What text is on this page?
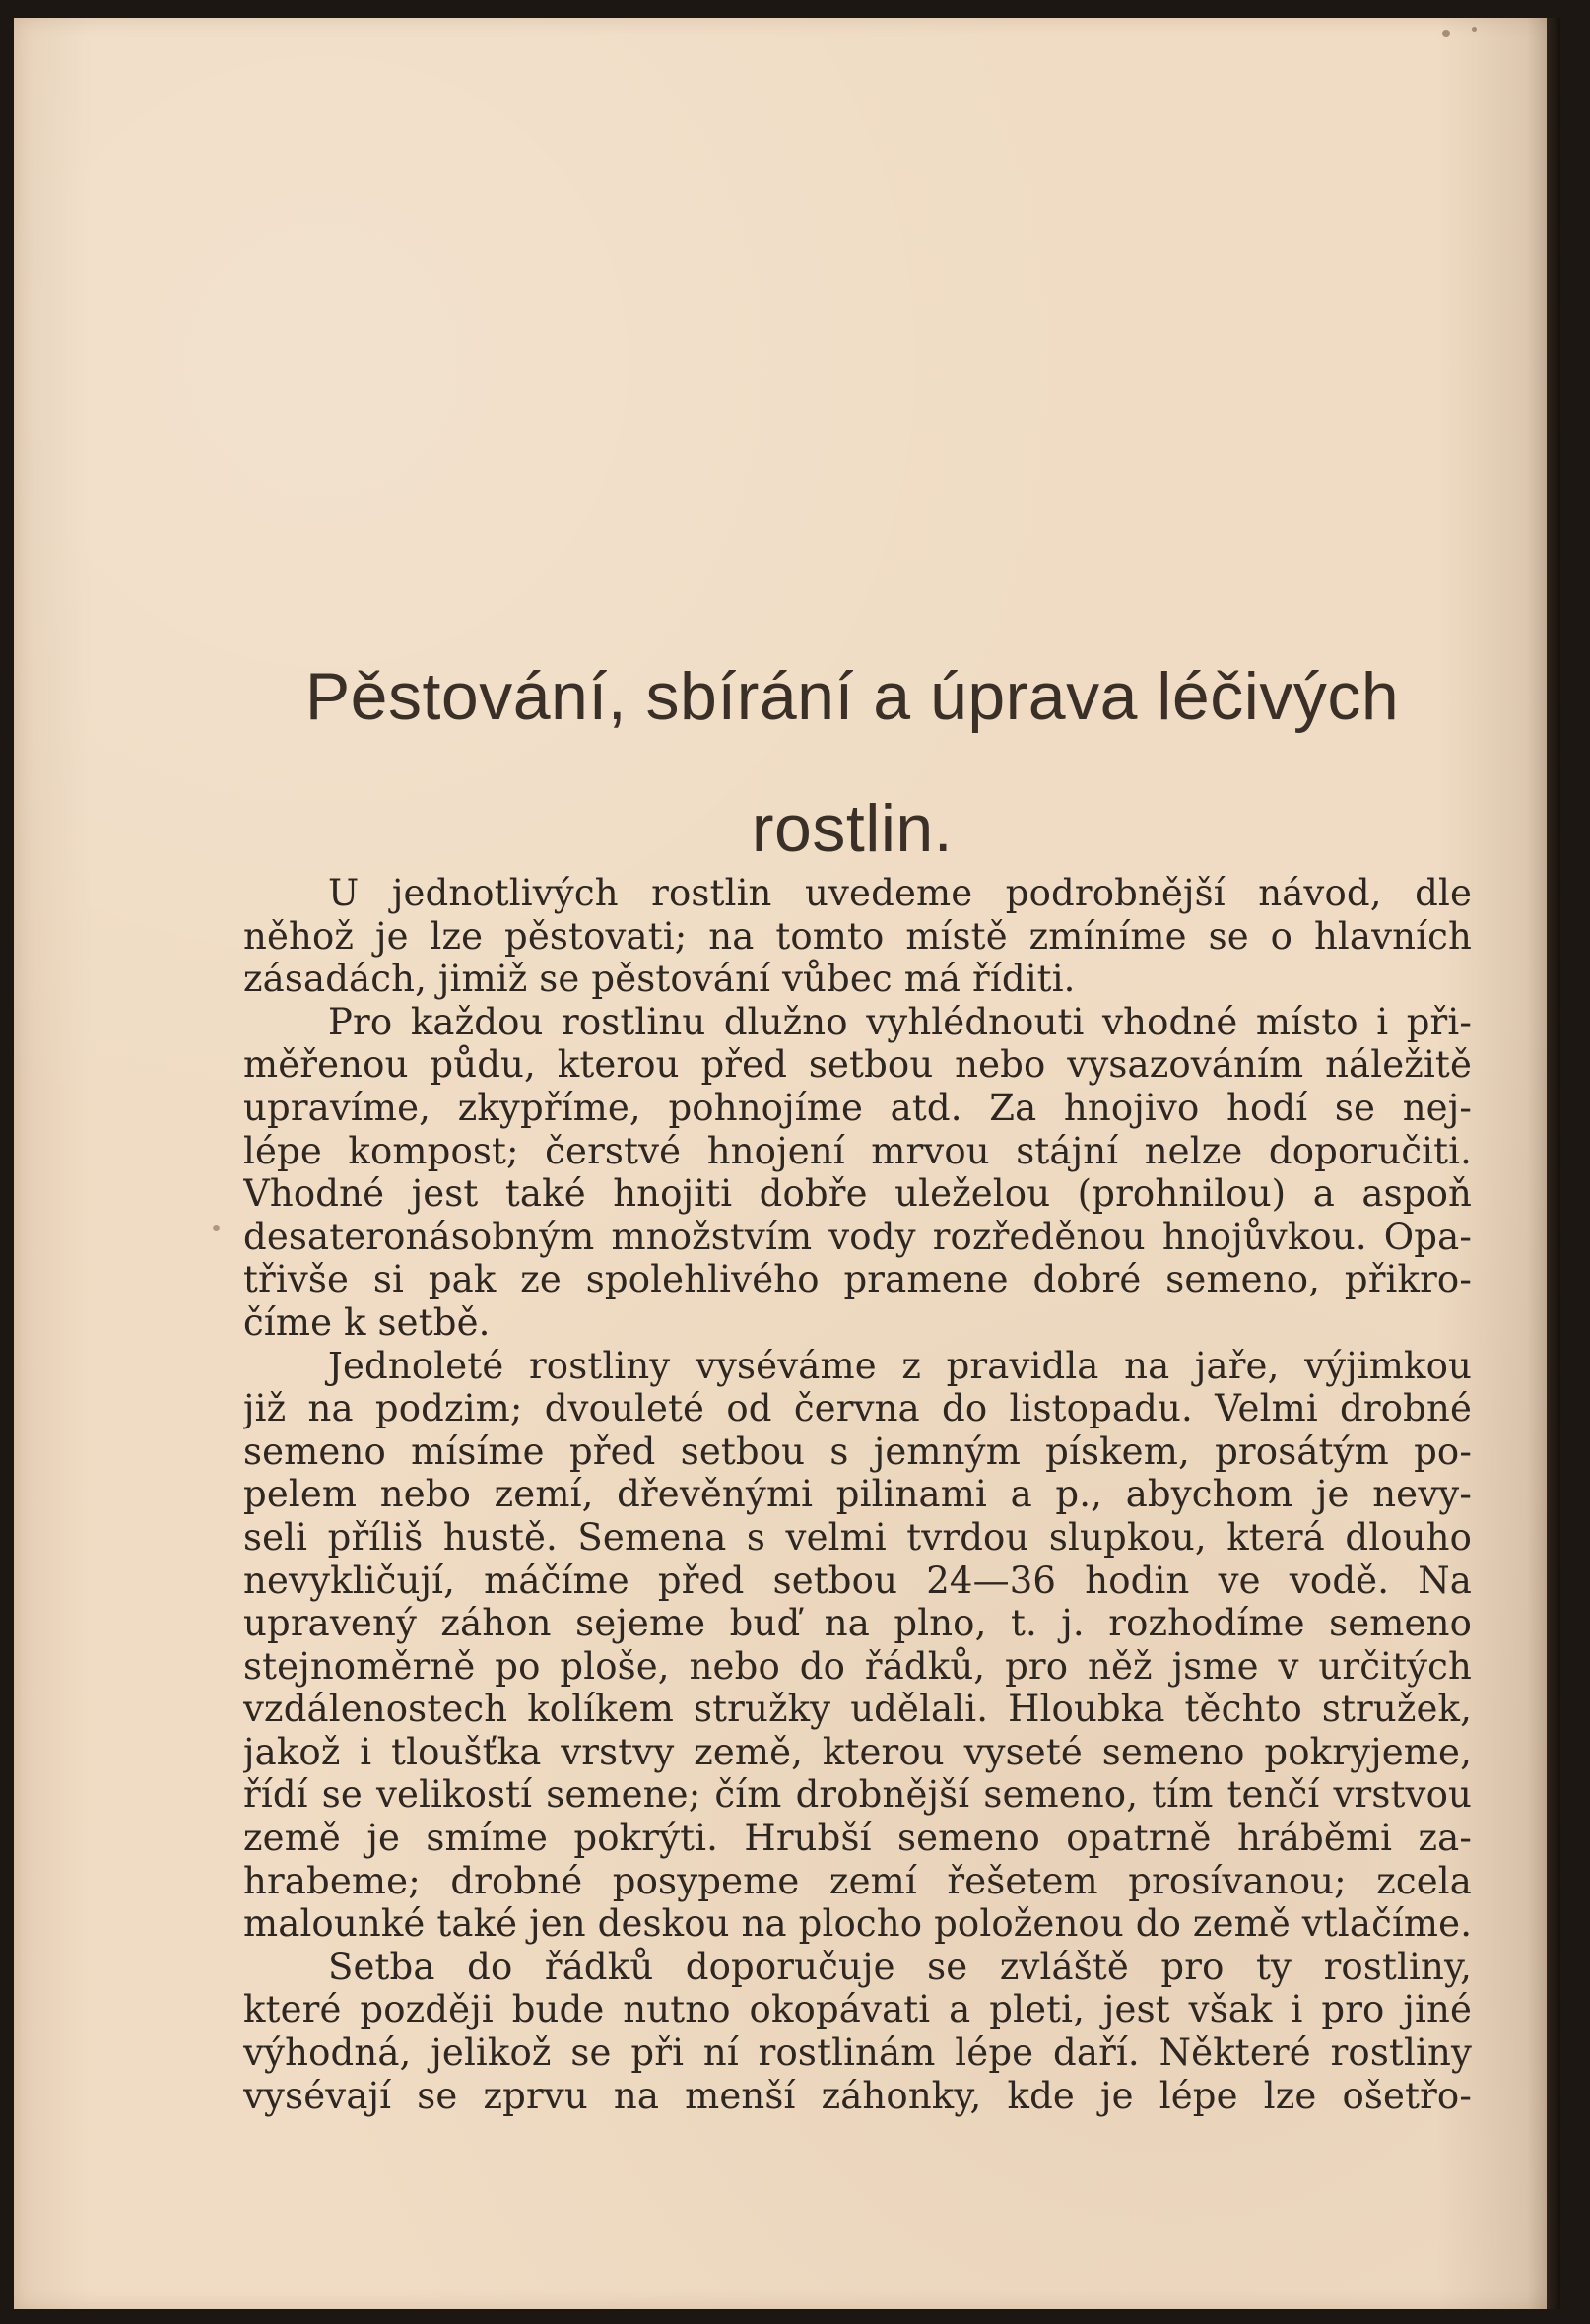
Pěstování, sbírání a úprava léčivých
rostlin.
U jednotlivých rostlin uvedeme podrobnější návod, dle
něhož je lze pěstovati; na tomto místě zmíníme se o hlavních
zásadách, jimiž se pěstování vůbec má říditi.
Pro každou rostlinu dlužno vyhlédnouti vhodné místo i při-
měřenou půdu, kterou před setbou nebo vysazováním náležitě
upravíme, zkypříme, pohnojíme atd. Za hnojivo hodí se nej-
lépe kompost; čerstvé hnojení mrvou stájní nelze doporučiti.
Vhodné jest také hnojiti dobře uleželou (prohnilou) a aspoň
desateronásobným množstvím vody rozředěnou hnojůvkou. Opa-
třivše si pak ze spolehlivého pramene dobré semeno, přikro-
číme k setbě.
Jednoleté rostliny vyséváme z pravidla na jaře, výjimkou
již na podzim; dvouleté od června do listopadu. Velmi drobné
semeno mísíme před setbou s jemným pískem, prosátým po-
pelem nebo zemí, dřevěnými pilinami a p., abychom je nevy-
seli příliš hustě. Semena s velmi tvrdou slupkou, která dlouho
nevykličují, máčíme před setbou 24—36 hodin ve vodě. Na
upravený záhon sejeme buď na plno, t. j. rozhodíme semeno
stejnoměrně po ploše, nebo do řádků, pro něž jsme v určitých
vzdálenostech kolíkem stružky udělali. Hloubka těchto stružek,
jakož i tloušťka vrstvy země, kterou vyseté semeno pokryjeme,
řídí se velikostí semene; čím drobnější semeno, tím tenčí vrstvou
země je smíme pokrýti. Hrubší semeno opatrně hráběmi za-
hrabeme; drobné posypeme zemí řešetem prosívanou; zcela
malounké také jen deskou na plocho položenou do země vtlačíme.
Setba do řádků doporučuje se zvláště pro ty rostliny,
které později bude nutno okopávati a pleti, jest však i pro jiné
výhodná, jelikož se při ní rostlinám lépe daří. Některé rostliny
vysévají se zprvu na menší záhonky, kde je lépe lze ošetřo-
